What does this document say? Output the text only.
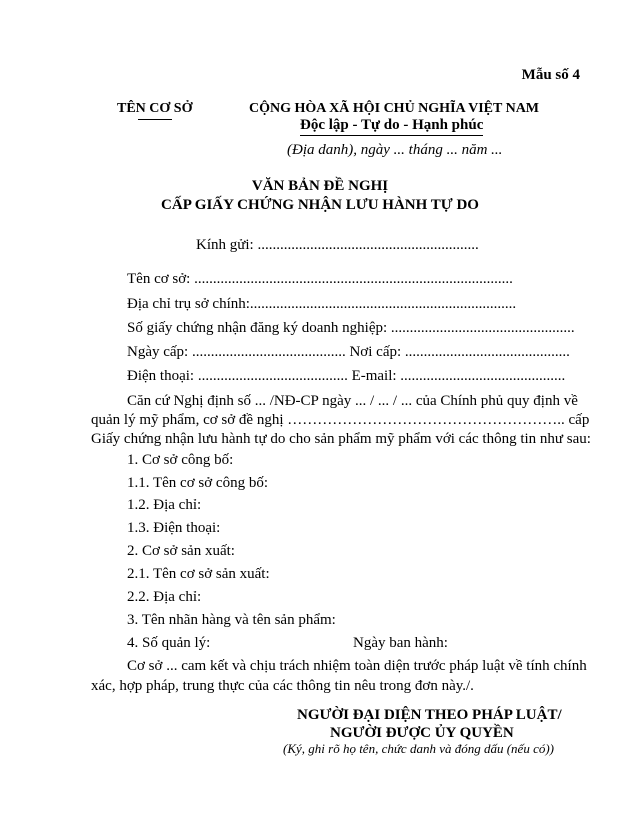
Mẫu số 4
TÊN CƠ SỞ	CỘNG HÒA XÃ HỘI CHỦ NGHĨA VIỆT NAM
Độc lập - Tự do - Hạnh phúc
(Địa danh), ngày ... tháng ... năm ...
VĂN BẢN ĐỀ NGHỊ
CẤP GIẤY CHỨNG NHẬN LƯU HÀNH TỰ DO
Kính gửi: ...........................................................
Tên cơ sở: .....................................................................................
Địa chỉ trụ sở chính:.......................................................................
Số giấy chứng nhận đăng ký doanh nghiệp: .................................................
Ngày cấp: ......................................... Nơi cấp: ............................................
Điện thoại: ........................................ E-mail: ............................................
Căn cứ Nghị định số ... /NĐ-CP ngày ... / ... / ... của Chính phủ quy định về
quản lý mỹ phẩm, cơ sở đề nghị ……………………………………………….. cấp
Giấy chứng nhận lưu hành tự do cho sản phẩm mỹ phẩm với các thông tin như sau:
1. Cơ sở công bố:
1.1. Tên cơ sở công bố:
1.2. Địa chỉ:
1.3. Điện thoại:
2. Cơ sở sản xuất:
2.1. Tên cơ sở sản xuất:
2.2. Địa chỉ:
3. Tên nhãn hàng và tên sản phẩm:
4. Số quản lý:	Ngày ban hành:
Cơ sở ... cam kết và chịu trách nhiệm toàn diện trước pháp luật về tính chính
xác, hợp pháp, trung thực của các thông tin nêu trong đơn này./.
NGƯỜI ĐẠI DIỆN THEO PHÁP LUẬT/
NGƯỜI ĐƯỢC ỦY QUYỀN
(Ký, ghi rõ họ tên, chức danh và đóng dấu (nếu có))
